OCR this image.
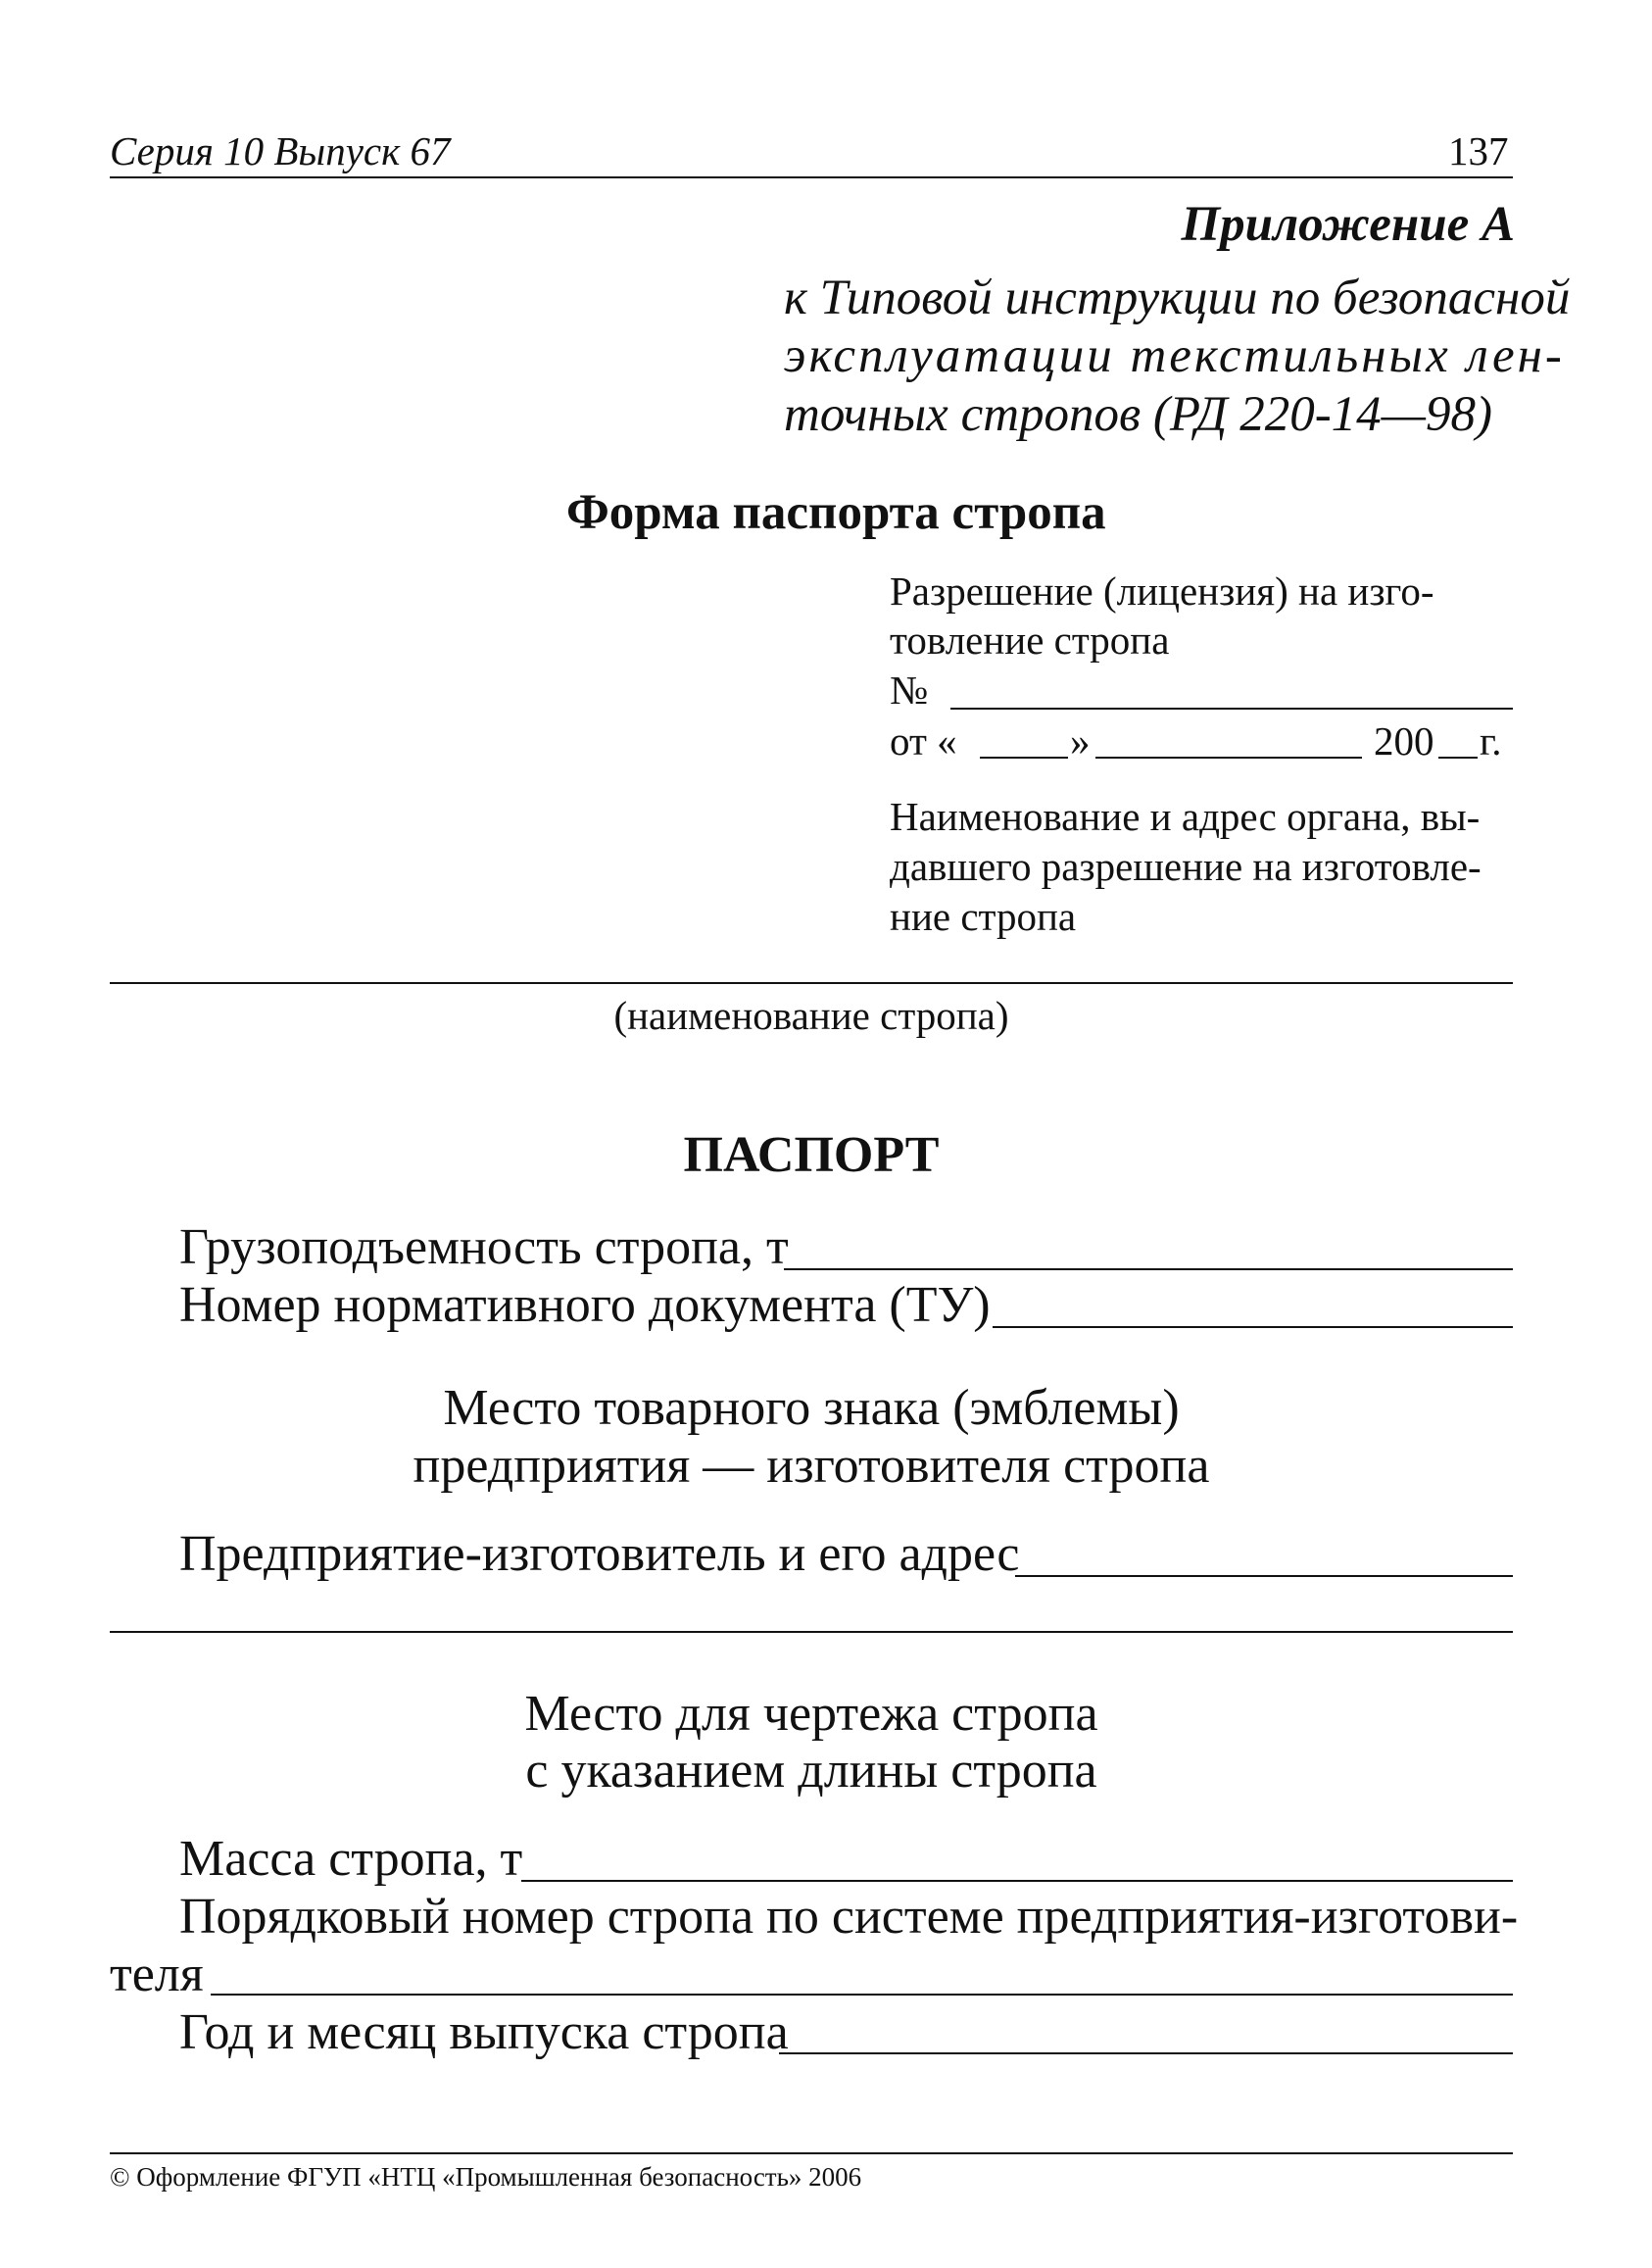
Серия 10 Выпуск 67	137
Приложение А
к Типовой инструкции по безопасной
эксплуатации текстильных лен-
точных стропов (РД 220-14—98)
Форма паспорта стропа
Разрешение (лицензия) на изго-
товление стропа
№
от «	»	200 г.
Наименование и адрес органа, вы-
давшего разрешение на изготовле-
ние стропа
(наименование стропа)
ПАСПОРТ
Грузоподъемность стропа, т
Номер нормативного документа (ТУ)
Место товарного знака (эмблемы)
предприятия — изготовителя стропа
Предприятие-изготовитель и его адрес
Место для чертежа стропа
с указанием длины стропа
Масса стропа, т
Порядковый номер стропа по системе предприятия-изготови-
теля
Год и месяц выпуска стропа
© Оформление ФГУП «НТЦ «Промышленная безопасность» 2006
